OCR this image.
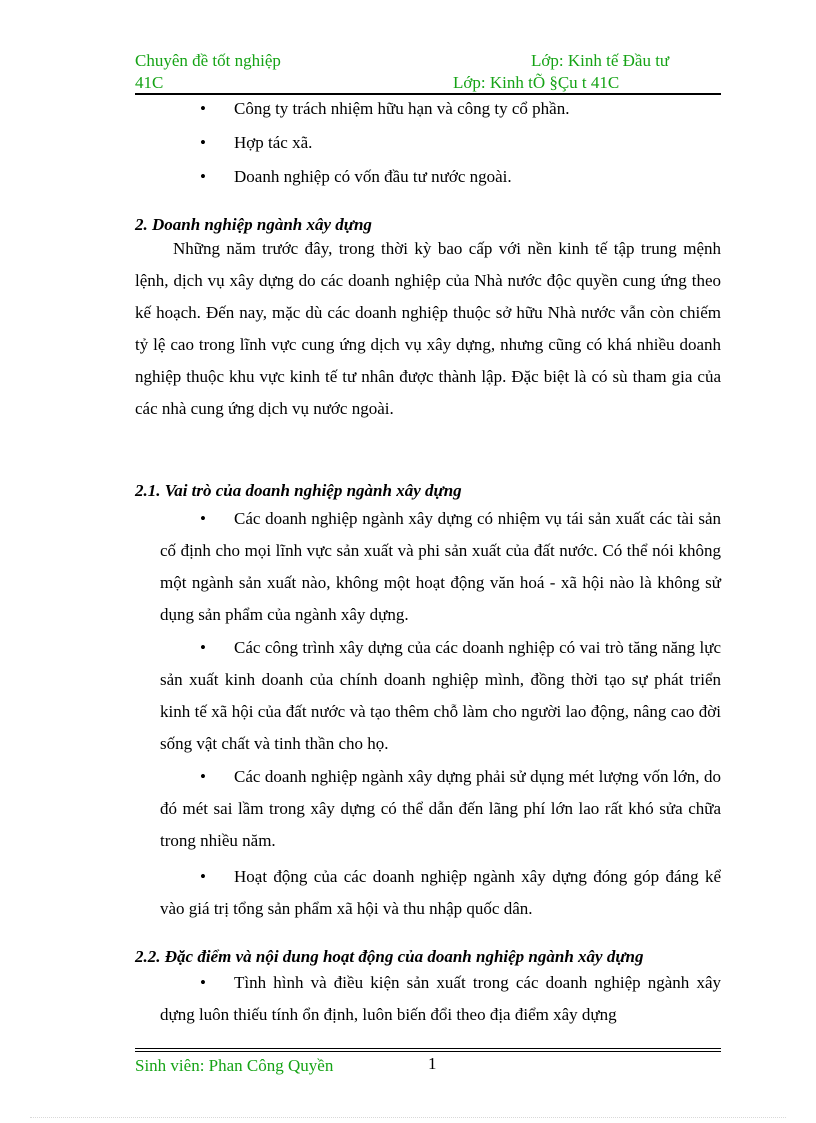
Chuyên đề tốt nghiệp
41C
Lớp: Kinh tế Đầu tư
Lớp: Kinh tÕ §Çu t 41C
• Công ty trách nhiệm hữu hạn và công ty cổ phần.
• Hợp tác xã.
• Doanh nghiệp có vốn đầu tư nước ngoài.
2. Doanh nghiệp ngành xây dựng

Những năm trước đây, trong thời kỳ bao cấp với nền kinh tế tập trung mệnh lệnh, dịch vụ xây dựng do các doanh nghiệp của Nhà nước độc quyền cung ứng theo kế hoạch. Đến nay, mặc dù các doanh nghiệp thuộc sở hữu Nhà nước vẫn còn chiếm tỷ lệ cao trong lĩnh vực cung ứng dịch vụ xây dựng, nhưng cũng có khá nhiều doanh nghiệp thuộc khu vực kinh tế tư nhân được thành lập. Đặc biệt là có sù tham gia của các nhà cung ứng dịch vụ nước ngoài.

2.1. Vai trò của doanh nghiệp ngành xây dựng

• Các doanh nghiệp ngành xây dựng có nhiệm vụ tái sản xuất các tài sản cố định cho mọi lĩnh vực sản xuất và phi sản xuất của đất nước. Có thể nói không một ngành sản xuất nào, không một hoạt động văn hoá - xã hội nào là không sử dụng sản phẩm của ngành xây dựng.

• Các công trình xây dựng của các doanh nghiệp có vai trò tăng năng lực sản xuất kinh doanh của chính doanh nghiệp mình, đồng thời tạo sự phát triển kinh tế xã hội của đất nước và tạo thêm chỗ làm cho người lao động, nâng cao đời sống vật chất và tinh thần cho họ.

• Các doanh nghiệp ngành xây dựng phải sử dụng mét lượng vốn lớn, do đó mét sai lầm trong xây dựng có thể dẫn đến lãng phí lớn lao rất khó sửa chữa trong nhiều năm.

• Hoạt động của các doanh nghiệp ngành xây dựng đóng góp đáng kể vào giá trị tổng sản phẩm xã hội và thu nhập quốc dân.

2.2. Đặc điểm và nội dung hoạt động của doanh nghiệp ngành xây dựng

• Tình hình và điều kiện sản xuất trong các doanh nghiệp ngành xây dựng luôn thiếu tính ổn định, luôn biến đổi theo địa điểm xây dựng

Sinh viên: Phan Công Quyền	1
